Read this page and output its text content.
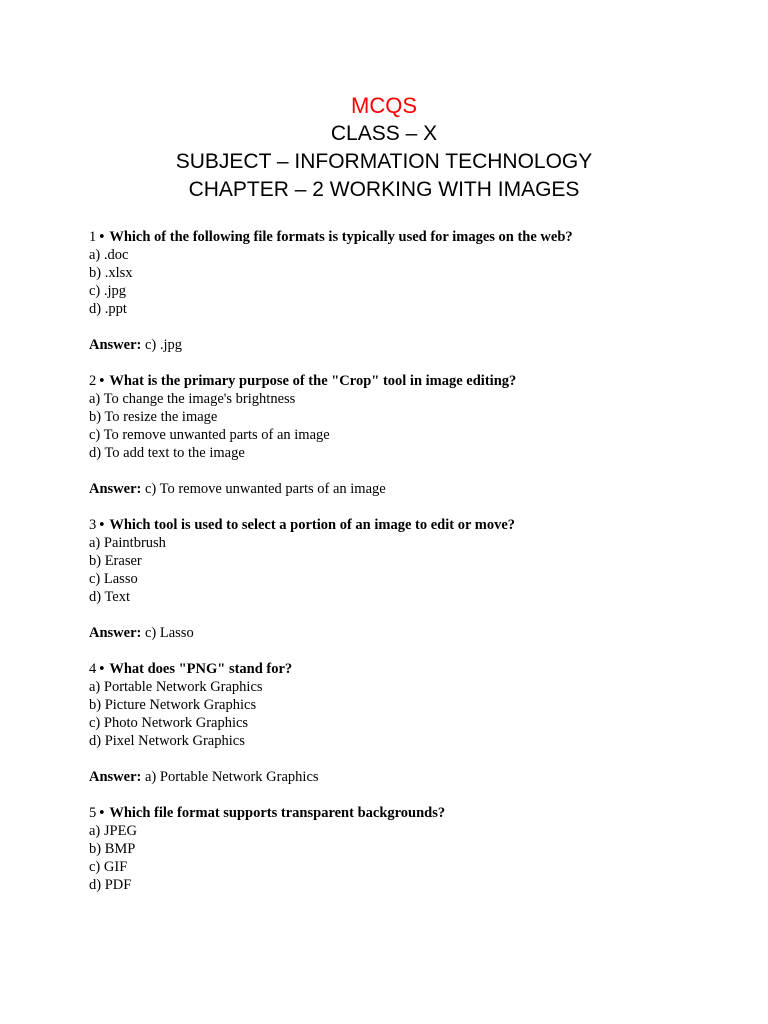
MCQS
CLASS – X
SUBJECT – INFORMATION TECHNOLOGY
CHAPTER – 2 WORKING WITH IMAGES
1 • Which of the following file formats is typically used for images on the web?
a) .doc
b) .xlsx
c) .jpg
d) .ppt
Answer: c) .jpg
2 • What is the primary purpose of the "Crop" tool in image editing?
a) To change the image's brightness
b) To resize the image
c) To remove unwanted parts of an image
d) To add text to the image
Answer: c) To remove unwanted parts of an image
3 • Which tool is used to select a portion of an image to edit or move?
a) Paintbrush
b) Eraser
c) Lasso
d) Text
Answer: c) Lasso
4 • What does "PNG" stand for?
a) Portable Network Graphics
b) Picture Network Graphics
c) Photo Network Graphics
d) Pixel Network Graphics
Answer: a) Portable Network Graphics
5 • Which file format supports transparent backgrounds?
a) JPEG
b) BMP
c) GIF
d) PDF
